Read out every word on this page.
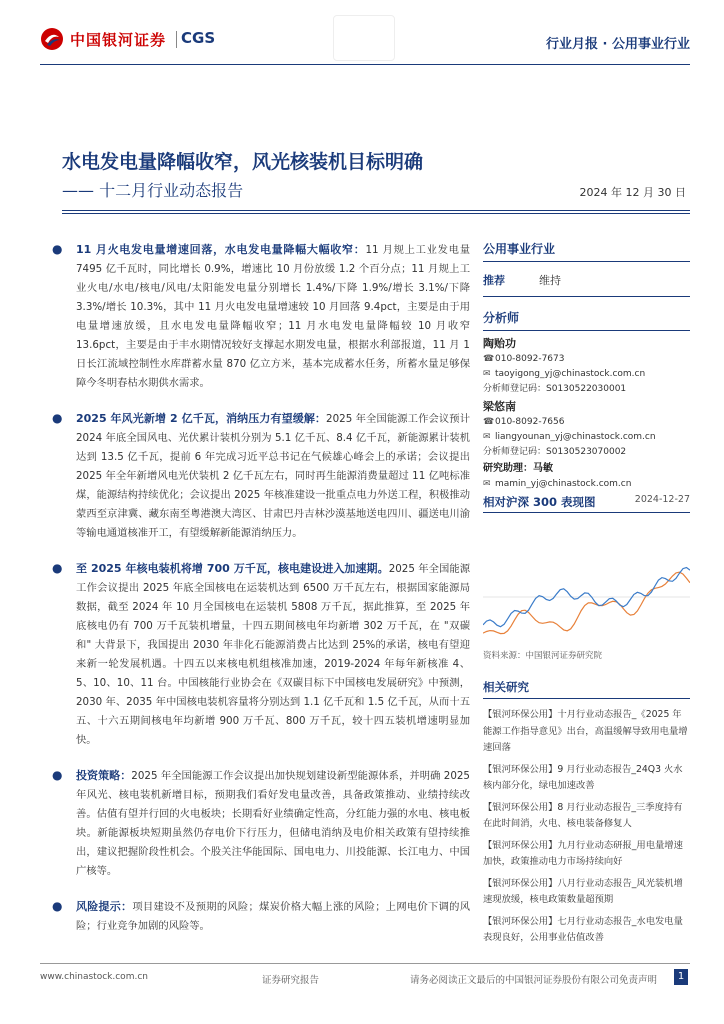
中国银河证券 CGS	行业月报 · 公用事业行业
水电发电量降幅收窄，风光核装机目标明确
—— 十二月行业动态报告	2024 年 12 月 30 日
● 11 月火电发电量增速回落，水电发电量降幅大幅收窄：11 月规上工业发电量 7495 亿千瓦时，同比增长 0.9%，增速比 10 月份放缓 1.2 个百分点；11 月规上工业火电/水电/核电/风电/太阳能发电量分别增长 1.4%/下降 1.9%/增长 3.1%/下降 3.3%/增长 10.3%，其中 11 月火电发电量增速较 10 月回落 9.4pct，主要是由于用电量增速放缓，且水电发电量降幅收窄；11 月水电发电量降幅较 10 月收窄 13.6pct，主要是由于丰水期情况较好支撑起水期发电量，根据水利部报道，11 月 1 日长江流域控制性水库群蓄水量 870 亿立方米，基本完成蓄水任务，所蓄水量足够保障今冬明春枯水期供水需求。
● 2025 年风光新增 2 亿千瓦，消纳压力有望缓解：2025 年全国能源工作会议预计 2024 年底全国风电、光伏累计装机分别为 5.1 亿千瓦、8.4 亿千瓦，新能源累计装机达到 13.5 亿千瓦，提前 6 年完成习近平总书记在气候雄心峰会上的承诺；会议提出 2025 年全年新增风电光伏装机 2 亿千瓦左右，同时再生能源消费量超过 11 亿吨标准煤，能源结构持续优化；会议提出 2025 年核准建设一批重点电力外送工程，积极推动蒙西至京津冀、藏东南至粤港澳大湾区、甘肃巴丹吉林沙漠基地送电四川、疆送电川渝等输电通道核准开工，有望缓解新能源消纳压力。
● 至 2025 年核电装机将增 700 万千瓦，核电建设进入加速期。2025 年全国能源工作会议提出 2025 年底全国核电在运装机达到 6500 万千瓦左右，根据国家能源局数据，截至 2024 年 10 月全国核电在运装机 5808 万千瓦，据此推算，至 2025 年底核电仍有 700 万千瓦装机增量，十四五期间核电年均新增 302 万千瓦，在 "双碳和" 大背景下，我国提出 2030 年非化石能源消费占比达到 25%的承诺，核电有望迎来新一轮发展机遇。十四五以来核电机组核准加速，2019-2024 年每年新核准 4、5、10、10、11 台。中国核能行业协会在《双碳目标下中国核电发展研究》中预测，2030 年、2035 年中国核电装机容量将分别达到 1.1 亿千瓦和 1.5 亿千瓦，从而十五五、十六五期间核电年均新增 900 万千瓦、800 万千瓦，较十四五装机增速明显加快。
● 投资策略：2025 年全国能源工作会议提出加快规划建设新型能源体系，并明确 2025 年风光、核电装机新增目标，预期我们看好发电量改善，具备政策推动、业绩持续改善。估值有望并行回的火电板块；长期看好业绩确定性高，分红能力强的水电、核电板块。新能源板块短期虽然仍存电价下行压力，但储电消纳及电价相关政策有望持续推出，建议把握阶段性机会。个股关注华能国际、国电电力、川投能源、长江电力、中国广核等。
● 风险提示：项目建设不及预期的风险；煤炭价格大幅上涨的风险；上网电价下调的风险；行业竞争加剧的风险等。
公用事业行业
推荐	维持
分析师
陶贻功
☎010-8092-7673
✉ taoyigong_yj@chinastock.com.cn
分析师登记码：S0130522030001
梁悠南
☎010-8092-7656
✉ liangyounan_yj@chinastock.com.cn
分析师登记码：S0130523070002
研究助理：马敏
✉ mamin_yj@chinastock.com.cn
相对沪深 300 表现图	2024-12-27
资料来源：中国银河证券研究院
相关研究
【银河环保公用】十月行业动态报告_《2025 年能源工作指导意见》出台，高温缓解导致用电量增速回落
【银河环保公用】9 月行业动态报告_24Q3 火水核内部分化，绿电加速改善
【银河环保公用】8 月行业动态报告_三季度持有在此时间消，火电、核电装备修复人
【银河环保公用】九月行业动态研报_用电量增速加快，政策推动电力市场持续向好
【银河环保公用】八月行业动态报告_风光装机增速现放缓，核电政策数量超预期
【银河环保公用】七月行业动态报告_水电发电量表现良好，公用事业估值改善
www.chinastock.com.cn	证券研究报告	请务必阅读正文最后的中国银河证券股份有限公司免责声明	1
